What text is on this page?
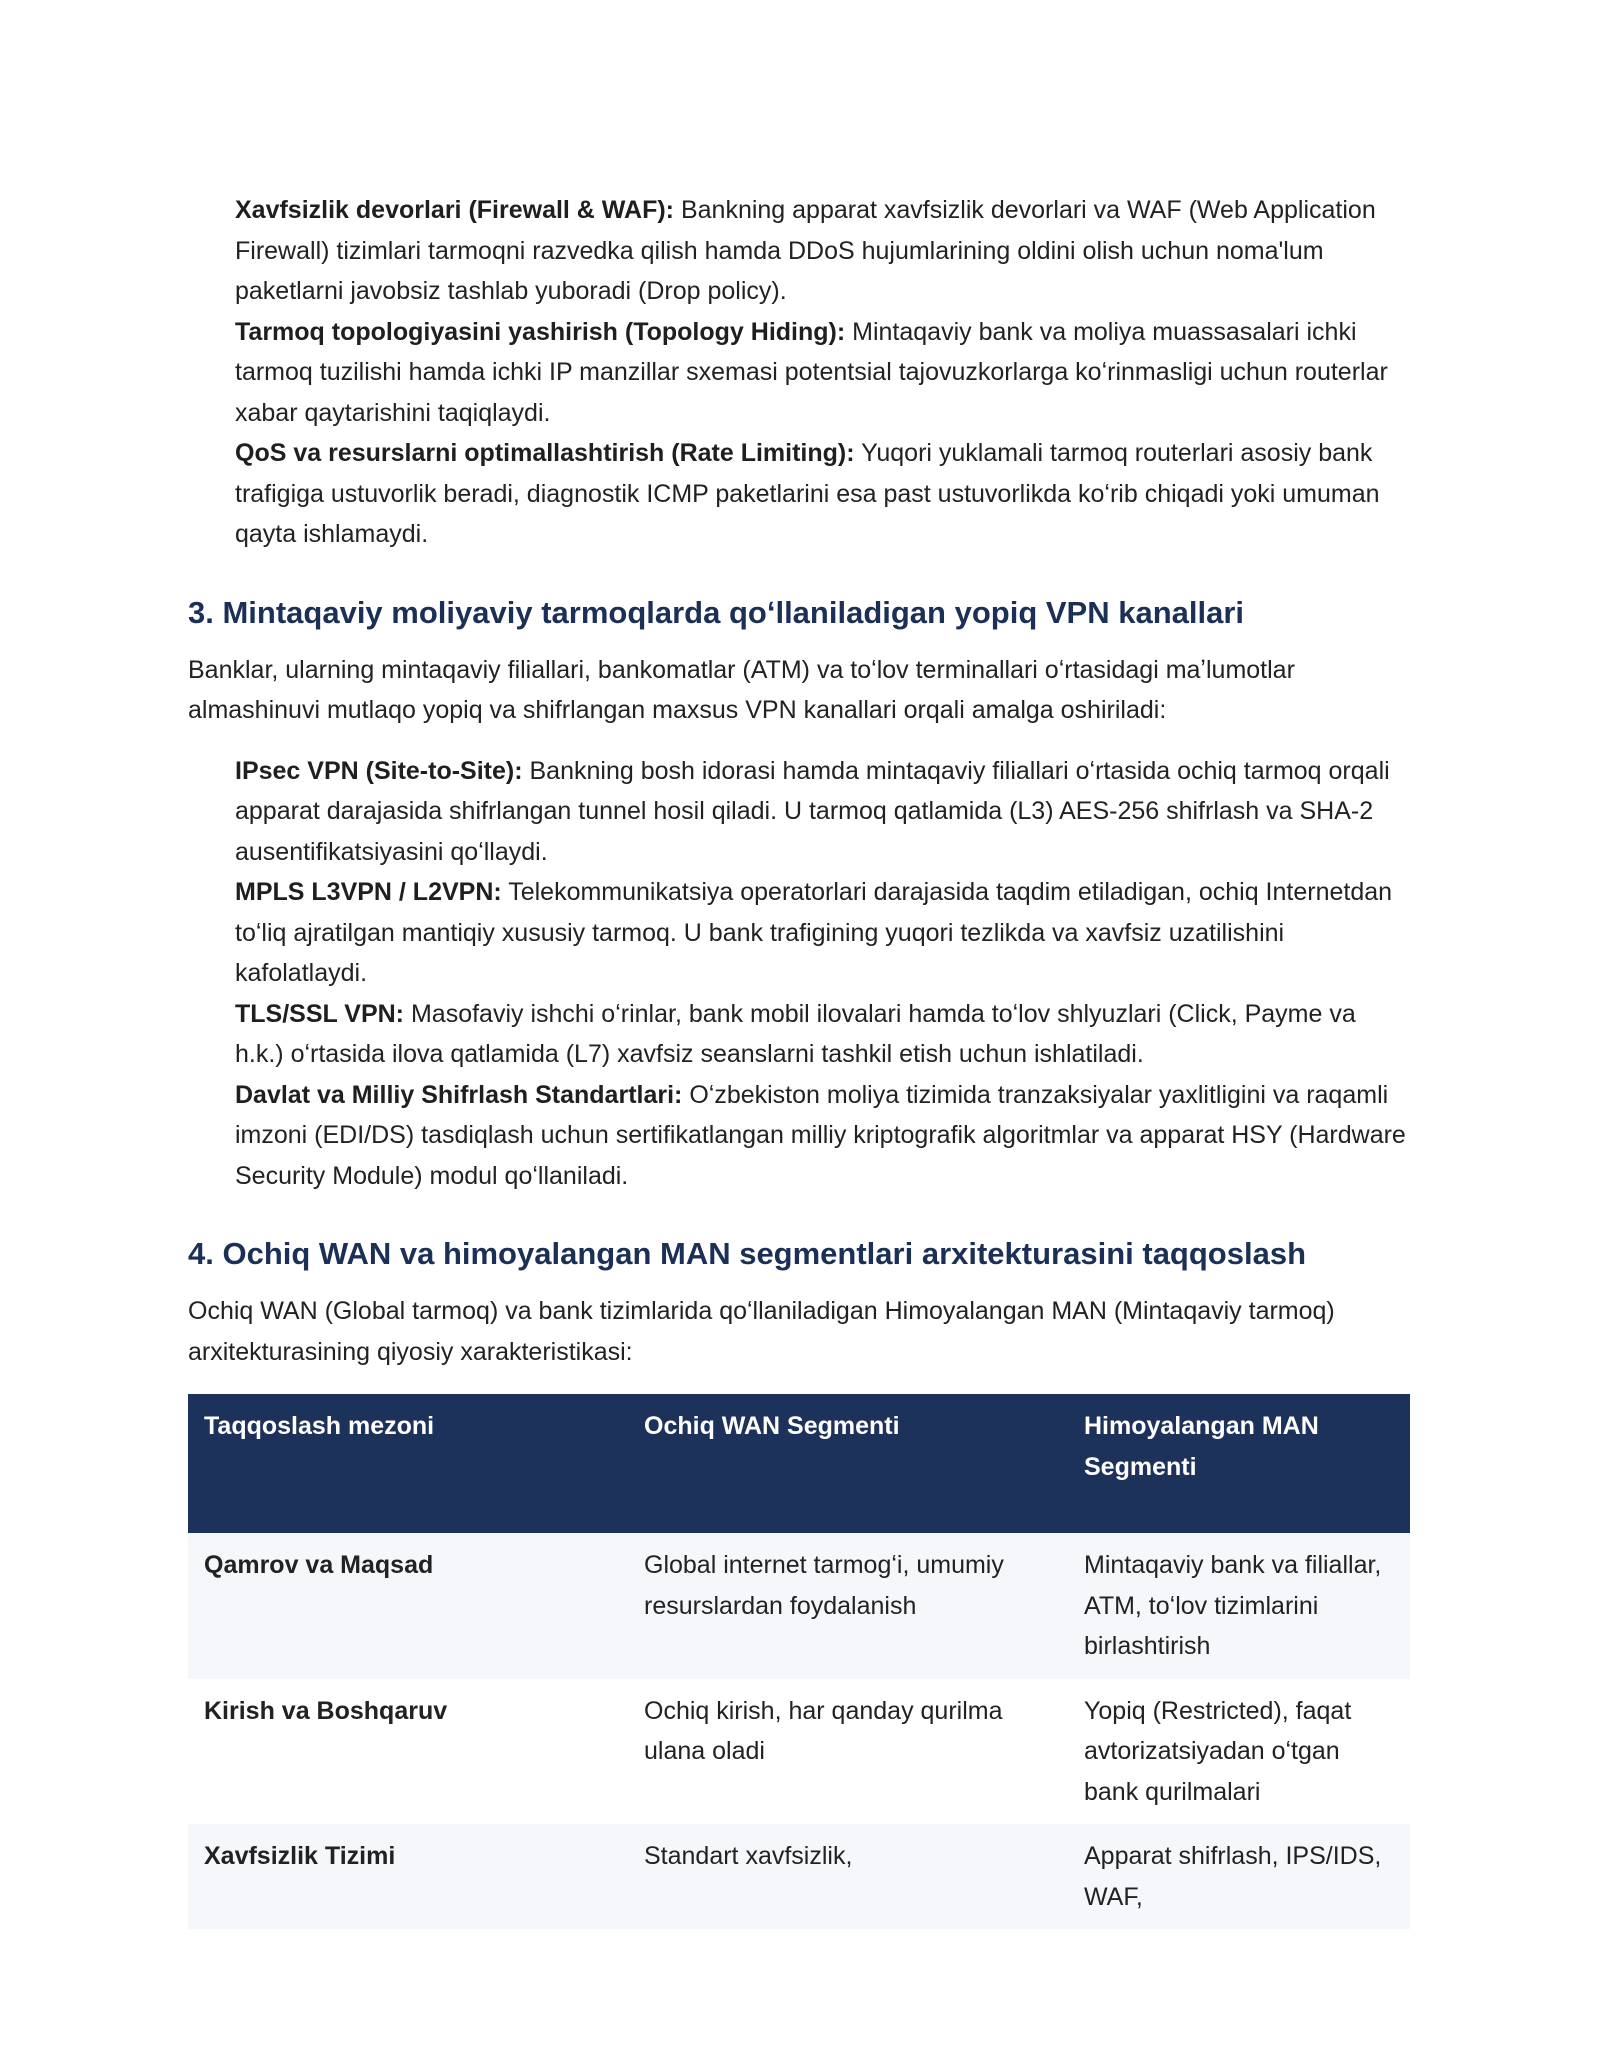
Xavfsizlik devorlari (Firewall & WAF): Bankning apparat xavfsizlik devorlari va WAF (Web Application Firewall) tizimlari tarmoqni razvedka qilish hamda DDoS hujumlarining oldini olish uchun noma'lum paketlarni javobsiz tashlab yuboradi (Drop policy).
Tarmoq topologiyasini yashirish (Topology Hiding): Mintaqaviy bank va moliya muassasalari ichki tarmoq tuzilishi hamda ichki IP manzillar sxemasi potentsial tajovuzkorlarga koʻrinmasligi uchun routerlar xabar qaytarishini taqiqlaydi.
QoS va resurslarni optimallashtirish (Rate Limiting): Yuqori yuklamali tarmoq routerlari asosiy bank trafigiga ustuvorlik beradi, diagnostik ICMP paketlarini esa past ustuvorlikda koʻrib chiqadi yoki umuman qayta ishlamaydi.
3. Mintaqaviy moliyaviy tarmoqlarda qoʻllaniladigan yopiq VPN kanallari

Banklar, ularning mintaqaviy filiallari, bankomatlar (ATM) va toʻlov terminallari oʻrtasidagi maʼlumotlar almashinuvi mutlaqo yopiq va shifrlangan maxsus VPN kanallari orqali amalga oshiriladi:

IPsec VPN (Site-to-Site): Bankning bosh idorasi hamda mintaqaviy filiallari oʻrtasida ochiq tarmoq orqali apparat darajasida shifrlangan tunnel hosil qiladi. U tarmoq qatlamida (L3) AES-256 shifrlash va SHA-2 ausentifikatsiyasini qoʻllaydi.
MPLS L3VPN / L2VPN: Telekommunikatsiya operatorlari darajasida taqdim etiladigan, ochiq Internetdan toʻliq ajratilgan mantiqiy xususiy tarmoq. U bank trafigining yuqori tezlikda va xavfsiz uzatilishini kafolatlaydi.
TLS/SSL VPN: Masofaviy ishchi oʻrinlar, bank mobil ilovalari hamda toʻlov shlyuzlari (Click, Payme va h.k.) oʻrtasida ilova qatlamida (L7) xavfsiz seanslarni tashkil etish uchun ishlatiladi.
Davlat va Milliy Shifrlash Standartlari: Oʻzbekiston moliya tizimida tranzaksiyalar yaxlitligini va raqamli imzoni (EDI/DS) tasdiqlash uchun sertifikatlangan milliy kriptografik algoritmlar va apparat HSY (Hardware Security Module) modul qoʻllaniladi.
4. Ochiq WAN va himoyalangan MAN segmentlari arxitekturasini taqqoslash

Ochiq WAN (Global tarmoq) va bank tizimlarida qoʻllaniladigan Himoyalangan MAN (Mintaqaviy tarmoq) arxitekturasining qiyosiy xarakteristikasi:

Taqqoslash mezoni	Ochiq WAN Segmenti	Himoyalangan MAN Segmenti
Qamrov va Maqsad	Global internet tarmogʻi, umumiy resurslardan foydalanish	Mintaqaviy bank va filiallar, ATM, toʻlov tizimlarini birlashtirish
Kirish va Boshqaruv	Ochiq kirish, har qanday qurilma ulana oladi	Yopiq (Restricted), faqat avtorizatsiyadan oʻtgan bank qurilmalari
Xavfsizlik Tizimi	Standart xavfsizlik,	Apparat shifrlash, IPS/IDS, WAF,
